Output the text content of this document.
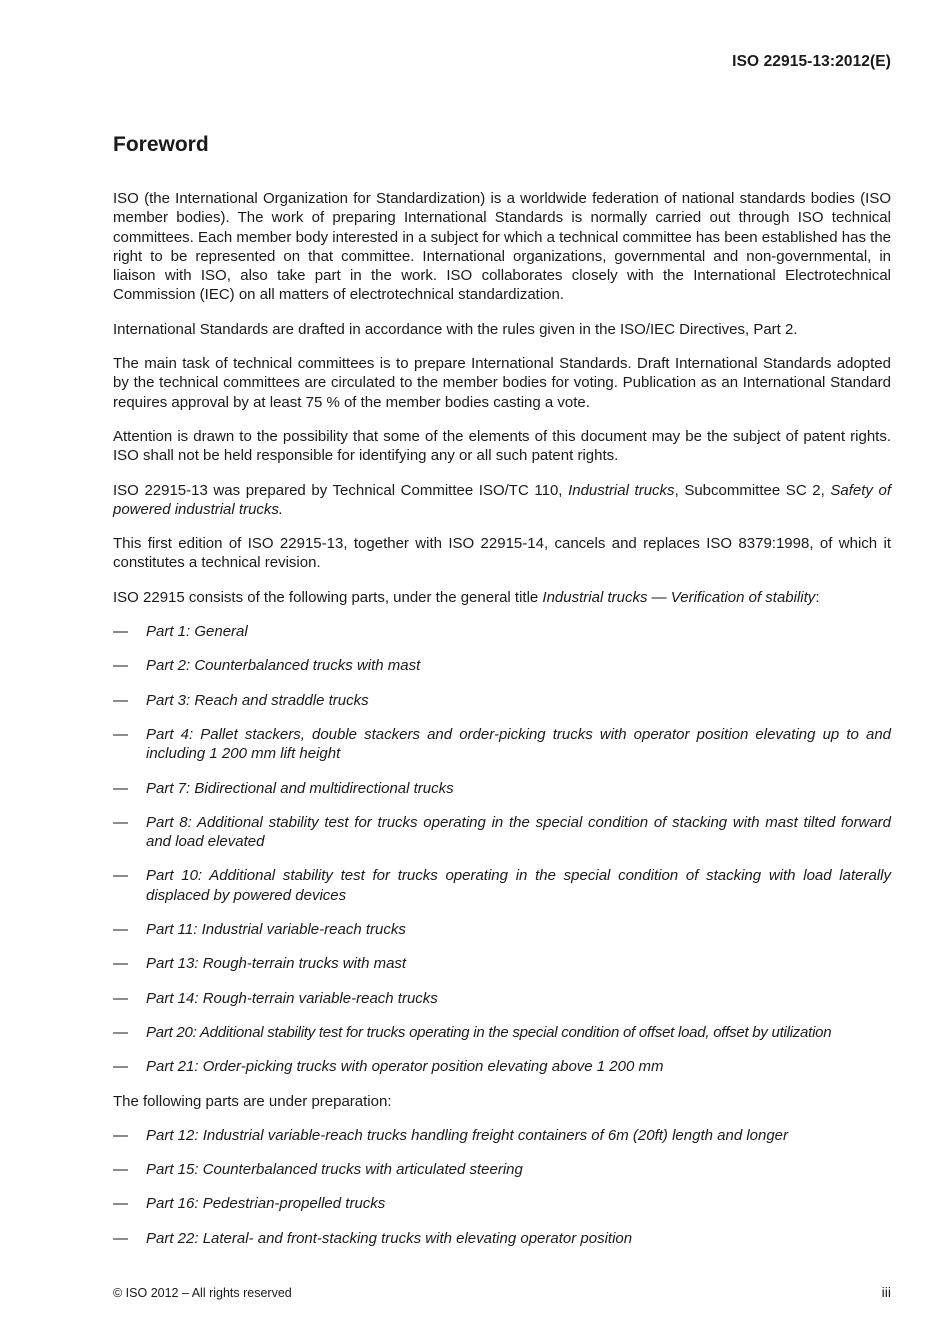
ISO 22915-13:2012(E)
Foreword

ISO (the International Organization for Standardization) is a worldwide federation of national standards bodies (ISO member bodies). The work of preparing International Standards is normally carried out through ISO technical committees. Each member body interested in a subject for which a technical committee has been established has the right to be represented on that committee. International organizations, governmental and non-governmental, in liaison with ISO, also take part in the work. ISO collaborates closely with the International Electrotechnical Commission (IEC) on all matters of electrotechnical standardization.

International Standards are drafted in accordance with the rules given in the ISO/IEC Directives, Part 2.

The main task of technical committees is to prepare International Standards. Draft International Standards adopted by the technical committees are circulated to the member bodies for voting. Publication as an International Standard requires approval by at least 75 % of the member bodies casting a vote.

Attention is drawn to the possibility that some of the elements of this document may be the subject of patent rights. ISO shall not be held responsible for identifying any or all such patent rights.

ISO 22915-13 was prepared by Technical Committee ISO/TC 110, Industrial trucks, Subcommittee SC 2, Safety of powered industrial trucks.

This first edition of ISO 22915-13, together with ISO 22915-14, cancels and replaces ISO 8379:1998, of which it constitutes a technical revision.

ISO 22915 consists of the following parts, under the general title Industrial trucks — Verification of stability:

— Part 1: General
— Part 2: Counterbalanced trucks with mast
— Part 3: Reach and straddle trucks
— Part 4: Pallet stackers, double stackers and order-picking trucks with operator position elevating up to and including 1 200 mm lift height
— Part 7: Bidirectional and multidirectional trucks
— Part 8: Additional stability test for trucks operating in the special condition of stacking with mast tilted forward and load elevated
— Part 10: Additional stability test for trucks operating in the special condition of stacking with load laterally displaced by powered devices
— Part 11: Industrial variable-reach trucks
— Part 13: Rough-terrain trucks with mast
— Part 14: Rough-terrain variable-reach trucks
— Part 20: Additional stability test for trucks operating in the special condition of offset load, offset by utilization
— Part 21: Order-picking trucks with operator position elevating above 1 200 mm

The following parts are under preparation:

— Part 12: Industrial variable-reach trucks handling freight containers of 6m (20ft) length and longer
— Part 15: Counterbalanced trucks with articulated steering
— Part 16: Pedestrian-propelled trucks
— Part 22: Lateral- and front-stacking trucks with elevating operator position
© ISO 2012 – All rights reserved	iii
